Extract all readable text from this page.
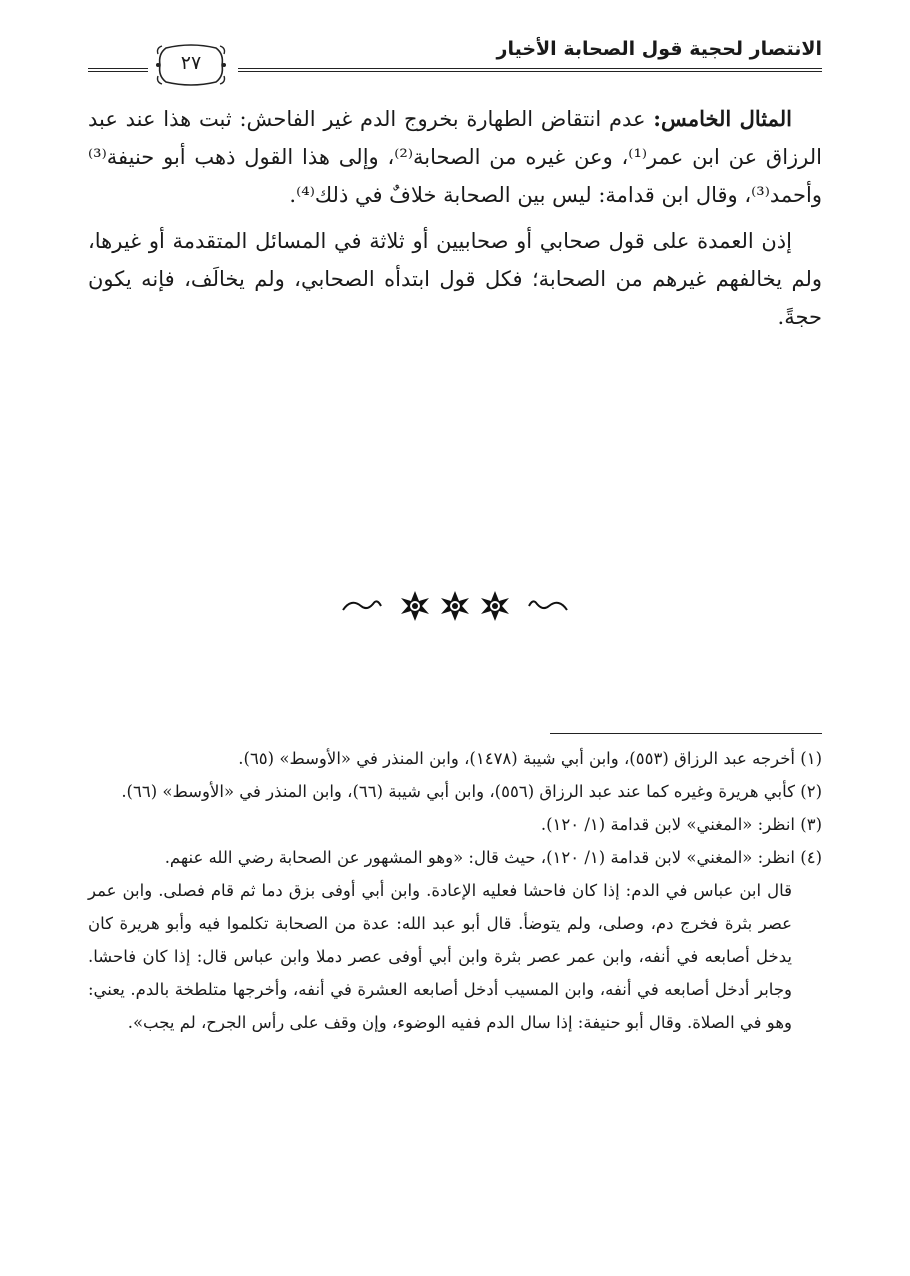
الانتصار لحجية قول الصحابة الأخيار
٢٧

المثال الخامس: عدم انتقاض الطهارة بخروج الدم غير الفاحش: ثبت هذا عند عبد الرزاق عن ابن عمر⁽¹⁾، وعن غيره من الصحابة⁽²⁾، وإلى هذا القول ذهب أبو حنيفة⁽³⁾ وأحمد⁽³⁾، وقال ابن قدامة: ليس بين الصحابة خلافٌ في ذلك⁽⁴⁾.

إذن العمدة على قول صحابي أو صحابيين أو ثلاثة في المسائل المتقدمة أو غيرها، ولم يخالفهم غيرهم من الصحابة؛ فكل قول ابتدأه الصحابي، ولم يخالَف، فإنه يكون حجةً.

(١) أخرجه عبد الرزاق (٥٥٣)، وابن أبي شيبة (١٤٧٨)، وابن المنذر في «الأوسط» (٦٥).

(٢) كأبي هريرة وغيره كما عند عبد الرزاق (٥٥٦)، وابن أبي شيبة (٦٦)، وابن المنذر في «الأوسط» (٦٦).

(٣) انظر: «المغني» لابن قدامة (١/ ١٢٠).

(٤) انظر: «المغني» لابن قدامة (١/ ١٢٠)، حيث قال: «وهو المشهور عن الصحابة رضي الله عنهم.

قال ابن عباس في الدم: إذا كان فاحشا فعليه الإعادة. وابن أبي أوفى بزق دما ثم قام فصلى. وابن عمر عصر بثرة فخرج دم، وصلى، ولم يتوضأ. قال أبو عبد الله: عدة من الصحابة تكلموا فيه وأبو هريرة كان يدخل أصابعه في أنفه، وابن عمر عصر بثرة وابن أبي أوفى عصر دملا وابن عباس قال: إذا كان فاحشا. وجابر أدخل أصابعه في أنفه، وابن المسيب أدخل أصابعه العشرة في أنفه، وأخرجها متلطخة بالدم. يعني: وهو في الصلاة. وقال أبو حنيفة: إذا سال الدم ففيه الوضوء، وإن وقف على رأس الجرح، لم يجب».
